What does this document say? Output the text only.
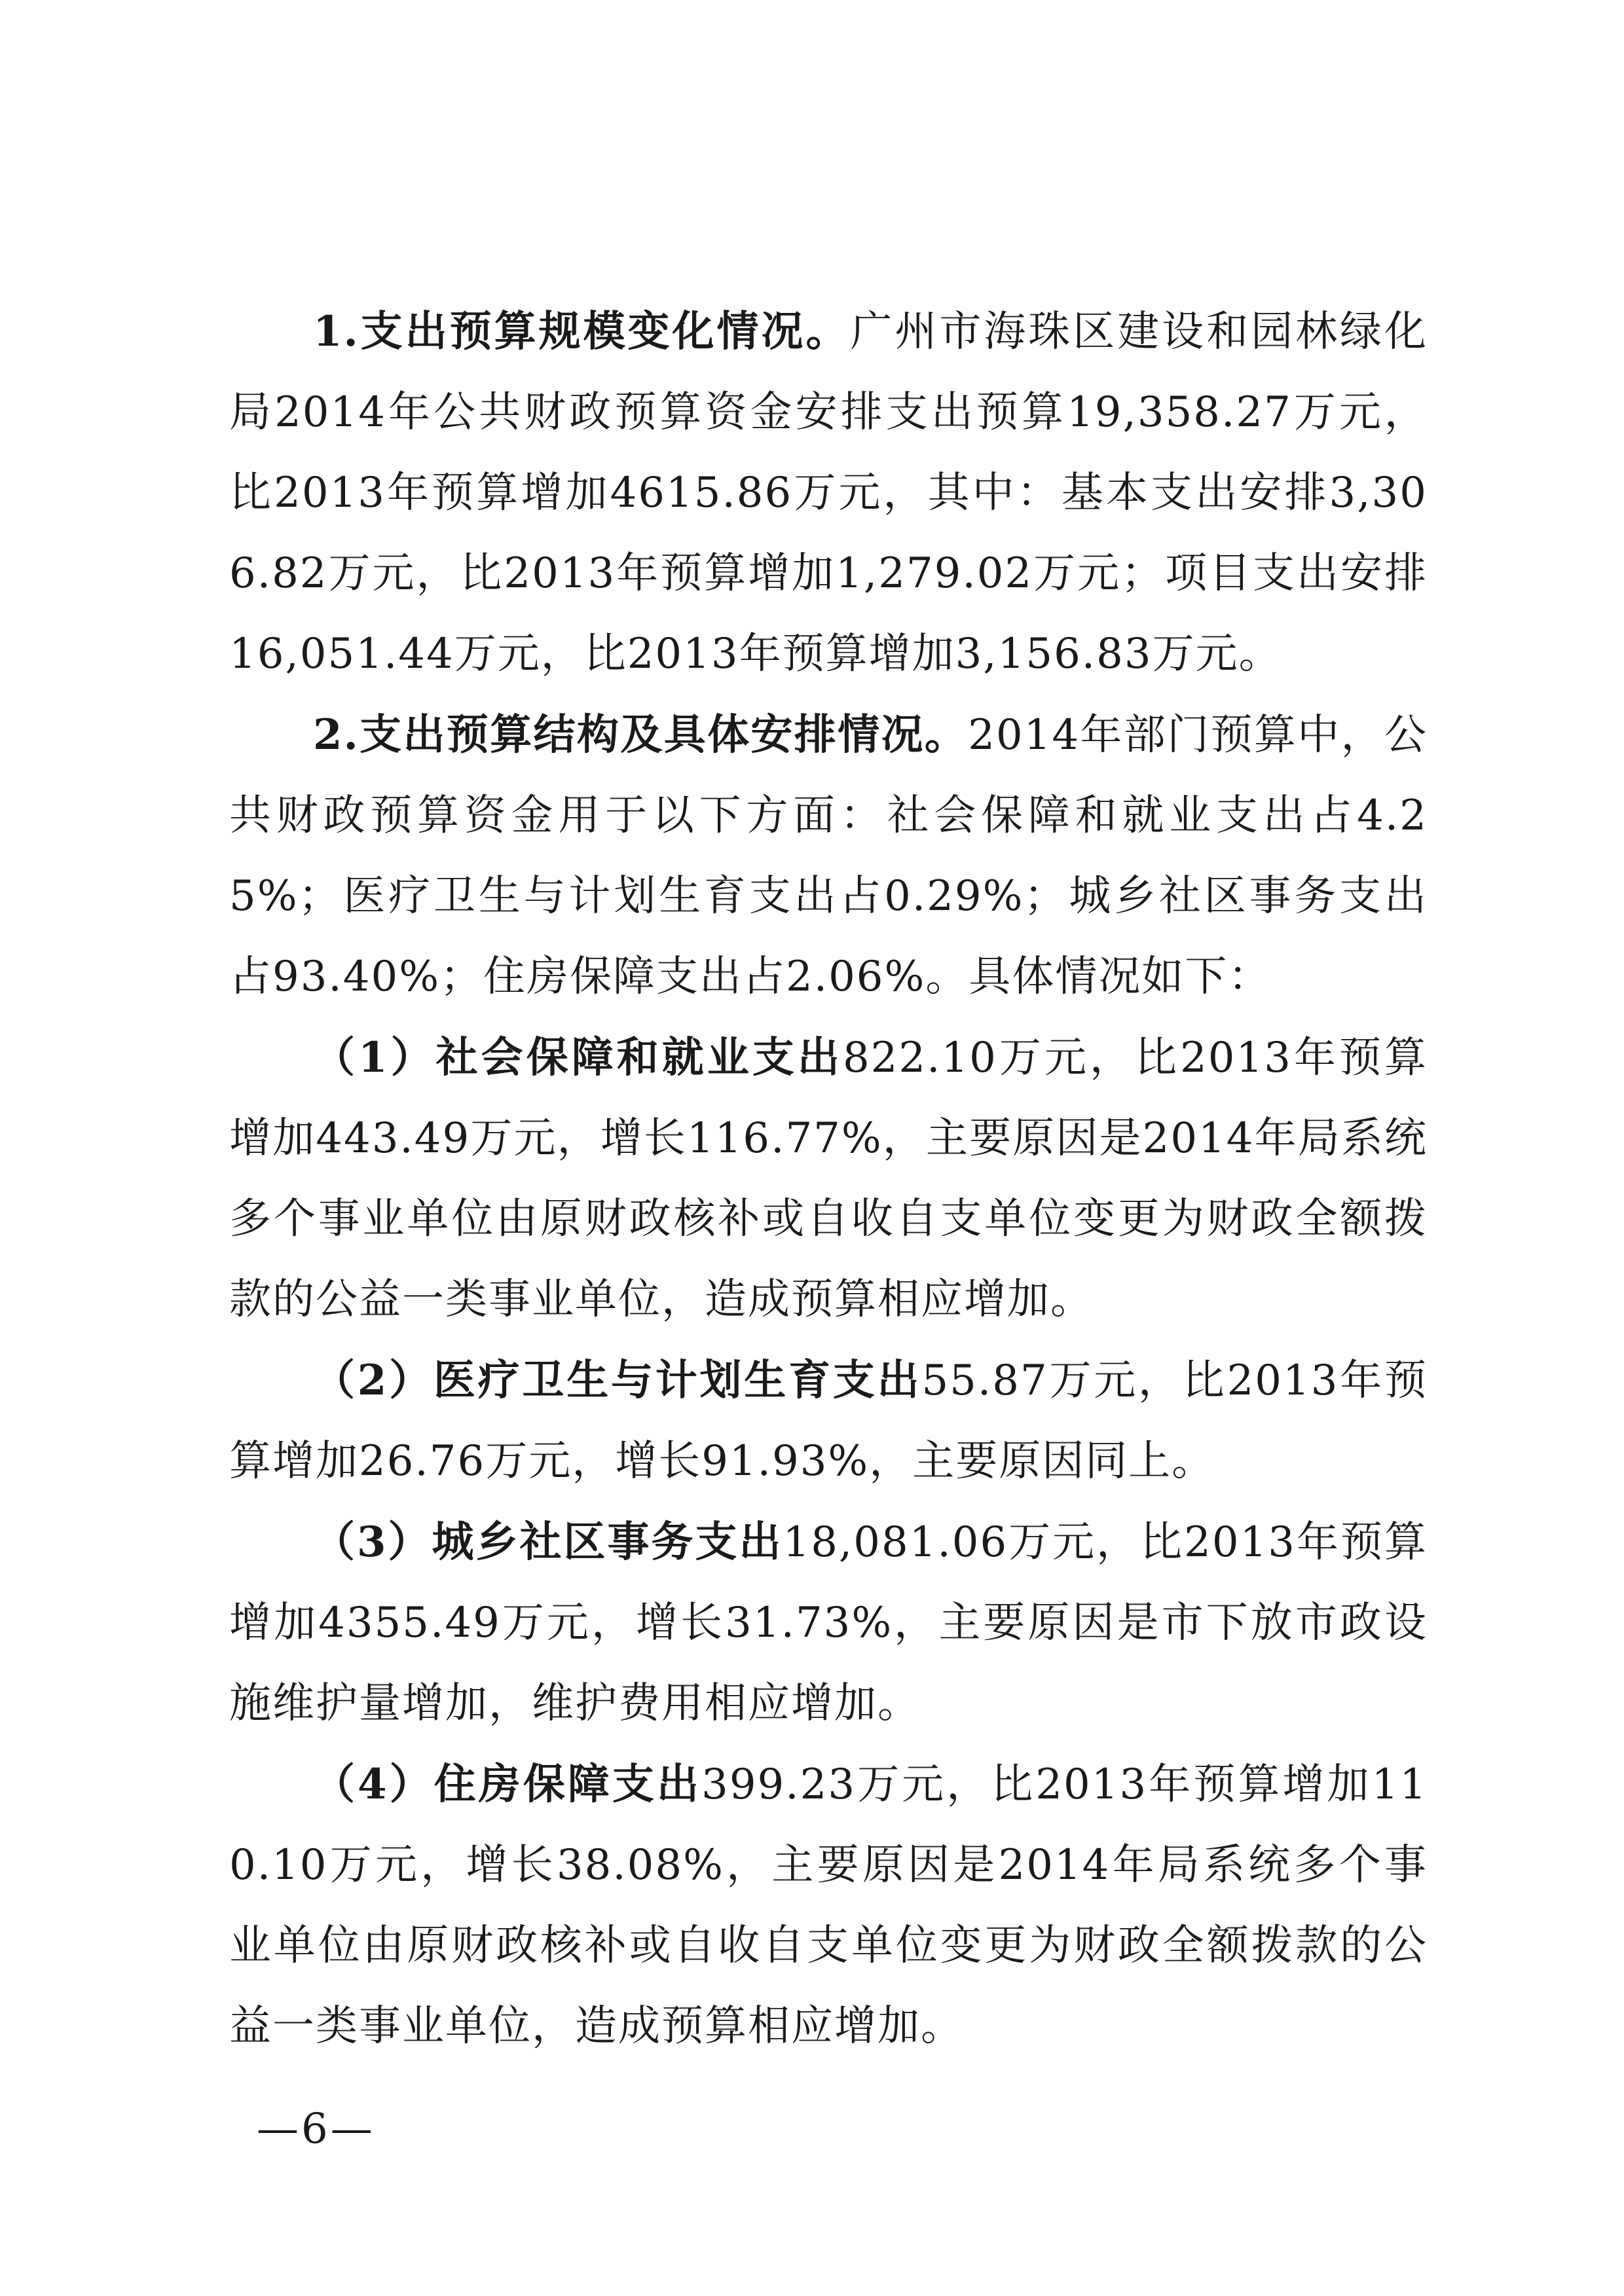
1.支出预算规模变化情况。广州市海珠区建设和园林绿化局2014年公共财政预算资金安排支出预算19,358.27万元，比2013年预算增加4615.86万元，其中：基本支出安排3,306.82万元，比2013年预算增加1,279.02万元；项目支出安排16,051.44万元，比2013年预算增加3,156.83万元。

2.支出预算结构及具体安排情况。2014年部门预算中，公共财政预算资金用于以下方面：社会保障和就业支出占4.25%；医疗卫生与计划生育支出占0.29%；城乡社区事务支出占93.40%；住房保障支出占2.06%。具体情况如下：

（1）社会保障和就业支出822.10万元，比2013年预算增加443.49万元，增长116.77%，主要原因是2014年局系统多个事业单位由原财政核补或自收自支单位变更为财政全额拨款的公益一类事业单位，造成预算相应增加。

（2）医疗卫生与计划生育支出55.87万元，比2013年预算增加26.76万元，增长91.93%，主要原因同上。

（3）城乡社区事务支出18,081.06万元，比2013年预算增加4355.49万元，增长31.73%，主要原因是市下放市政设施维护量增加，维护费用相应增加。

（4）住房保障支出399.23万元，比2013年预算增加110.10万元，增长38.08%，主要原因是2014年局系统多个事业单位由原财政核补或自收自支单位变更为财政全额拨款的公益一类事业单位，造成预算相应增加。

—6—
